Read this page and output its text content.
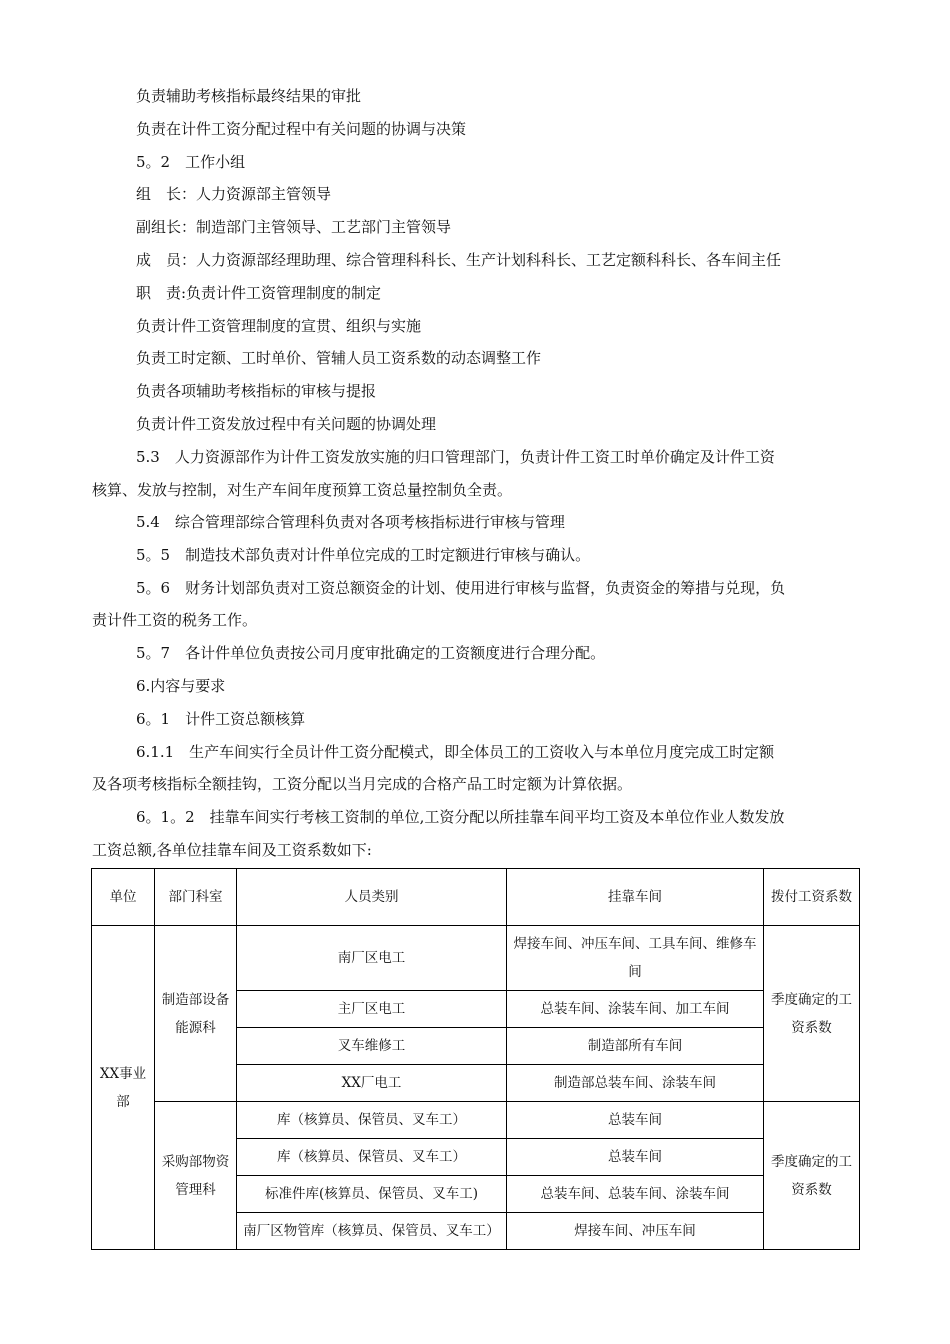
负责辅助考核指标最终结果的审批
负责在计件工资分配过程中有关问题的协调与决策
5。2　工作小组
组　长：人力资源部主管领导
副组长：制造部门主管领导、工艺部门主管领导
成　员：人力资源部经理助理、综合管理科科长、生产计划科科长、工艺定额科科长、各车间主任
职　责:负责计件工资管理制度的制定
负责计件工资管理制度的宣贯、组织与实施
负责工时定额、工时单价、管辅人员工资系数的动态调整工作
负责各项辅助考核指标的审核与提报
负责计件工资发放过程中有关问题的协调处理
5.3　人力资源部作为计件工资发放实施的归口管理部门，负责计件工资工时单价确定及计件工资
核算、发放与控制，对生产车间年度预算工资总量控制负全责。
5.4　综合管理部综合管理科负责对各项考核指标进行审核与管理
5。5　制造技术部负责对计件单位完成的工时定额进行审核与确认。
5。6　财务计划部负责对工资总额资金的计划、使用进行审核与监督，负责资金的筹措与兑现，负
责计件工资的税务工作。
5。7　各计件单位负责按公司月度审批确定的工资额度进行合理分配。
6.内容与要求
6。1　计件工资总额核算
6.1.1　生产车间实行全员计件工资分配模式，即全体员工的工资收入与本单位月度完成工时定额
及各项考核指标全额挂钩，工资分配以当月完成的合格产品工时定额为计算依据。
6。1。2　挂靠车间实行考核工资制的单位,工资分配以所挂靠车间平均工资及本单位作业人数发放
工资总额,各单位挂靠车间及工资系数如下:
单位	部门科室	人员类别	挂靠车间	拨付工资系数
XX事业部	制造部设备能源科	南厂区电工	焊接车间、冲压车间、工具车间、维修车间	季度确定的工资系数
		主厂区电工	总装车间、涂装车间、加工车间	
		叉车维修工	制造部所有车间	
		XX厂电工	制造部总装车间、涂装车间	
	采购部物资管理科	库（核算员、保管员、叉车工）	总装车间	季度确定的工资系数
		库（核算员、保管员、叉车工）	总装车间	
		标准件库(核算员、保管员、叉车工)	总装车间、总装车间、涂装车间	
		南厂区物管库（核算员、保管员、叉车工）	焊接车间、冲压车间	
